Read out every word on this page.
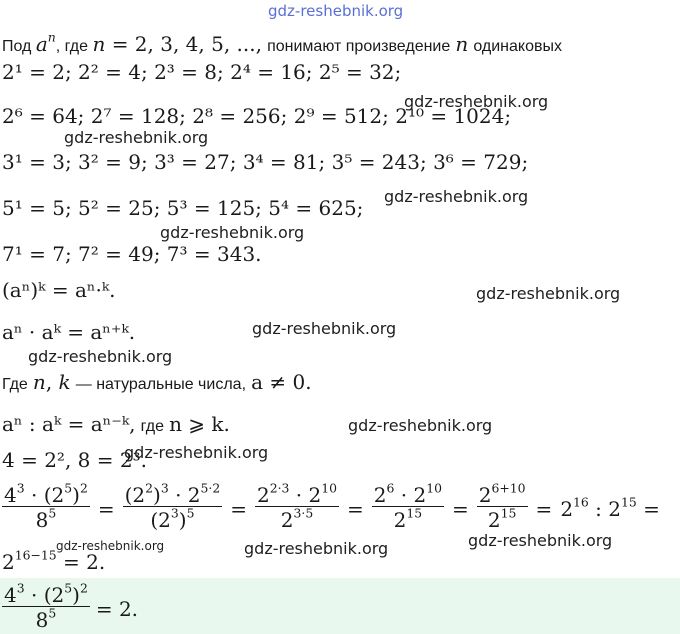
gdz-reshebnik.org
Под $a^n$, где n = 2, 3, 4, 5, ..., понимают произведение n одинаковых
2¹ = 2; 2² = 4; 2³ = 8; 2⁴ = 16; 2⁵ = 32;
2⁶ = 64; 2⁷ = 128; 2⁸ = 256; 2⁹ = 512; 2¹⁰ = 1024;
gdz-reshebnik.org
gdz-reshebnik.org
3¹ = 3; 3² = 9; 3³ = 27; 3⁴ = 81; 3⁵ = 243; 3⁶ = 729;
5¹ = 5; 5² = 25; 5³ = 125; 5⁴ = 625; gdz-reshebnik.org
gdz-reshebnik.org
7¹ = 7; 7² = 49; 7³ = 343.
(aⁿ)ᵏ = aⁿ·ᵏ.	gdz-reshebnik.org
aⁿ · aᵏ = aⁿ⁺ᵏ.	gdz-reshebnik.org
gdz-reshebnik.org
Где n, k — натуральные числа, a ≠ 0.
aⁿ : aᵏ = aⁿ⁻ᵏ, где n ⩾ k.	gdz-reshebnik.org
4 = 2², 8 = 2³.
gdz-reshebnik.org
$\frac{4^3 \cdot (2^5)^2}{8^5} = \frac{(2^2)^3 \cdot 2^{5\cdot 2}}{(2^3)^5} = \frac{2^{2\cdot 3} \cdot 2^{10}}{2^{3\cdot 5}} = \frac{2^6 \cdot 2^{10}}{2^{15}} = \frac{2^{6+10}}{2^{15}} = 2^{16}$ : $2^{15}$ =
gdz-reshebnik.org
gdz-reshebnik.org
gdz-reshebnik.org
$2^{16-15} = 2$.
$\frac{4^3 \cdot (2^5)^2}{8^5} = 2$.
